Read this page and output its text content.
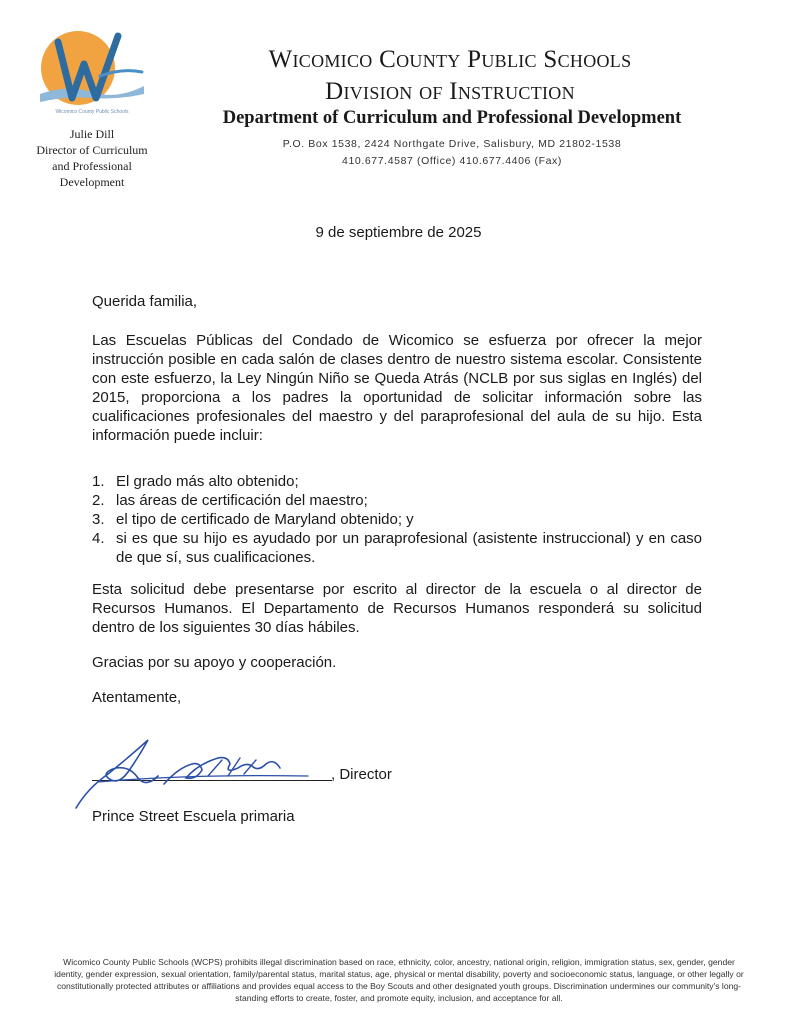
Wicomico County Public Schools
Julie Dill
Director of Curriculum
and Professional
Development
Wicomico County Public Schools
Division of Instruction
Department of Curriculum and Professional Development
P.O. Box 1538, 2424 Northgate Drive, Salisbury, MD 21802-1538
410.677.4587 (Office) 410.677.4406 (Fax)
9 de septiembre de 2025
Querida familia,
Las Escuelas Públicas del Condado de Wicomico se esfuerza por ofrecer la mejor instrucción posible en cada salón de clases dentro de nuestro sistema escolar. Consistente con este esfuerzo, la Ley Ningún Niño se Queda Atrás (NCLB por sus siglas en Inglés) del 2015, proporciona a los padres la oportunidad de solicitar información sobre las cualificaciones profesionales del maestro y del paraprofesional del aula de su hijo. Esta información puede incluir:
1. El grado más alto obtenido;
2. las áreas de certificación del maestro;
3. el tipo de certificado de Maryland obtenido; y
4. si es que su hijo es ayudado por un paraprofesional (asistente instruccional) y en caso de que sí, sus cualificaciones.
Esta solicitud debe presentarse por escrito al director de la escuela o al director de Recursos Humanos. El Departamento de Recursos Humanos responderá su solicitud dentro de los siguientes 30 días hábiles.
Gracias por su apoyo y cooperación.
Atentamente,
, Director
Prince Street Escuela primaria
Wicomico County Public Schools (WCPS) prohibits illegal discrimination based on race, ethnicity, color, ancestry, national origin, religion, immigration status, sex, gender, gender identity, gender expression, sexual orientation, family/parental status, marital status, age, physical or mental disability, poverty and socioeconomic status, language, or other legally or constitutionally protected attributes or affiliations and provides equal access to the Boy Scouts and other designated youth groups. Discrimination undermines our community's long-standing efforts to create, foster, and promote equity, inclusion, and acceptance for all.
